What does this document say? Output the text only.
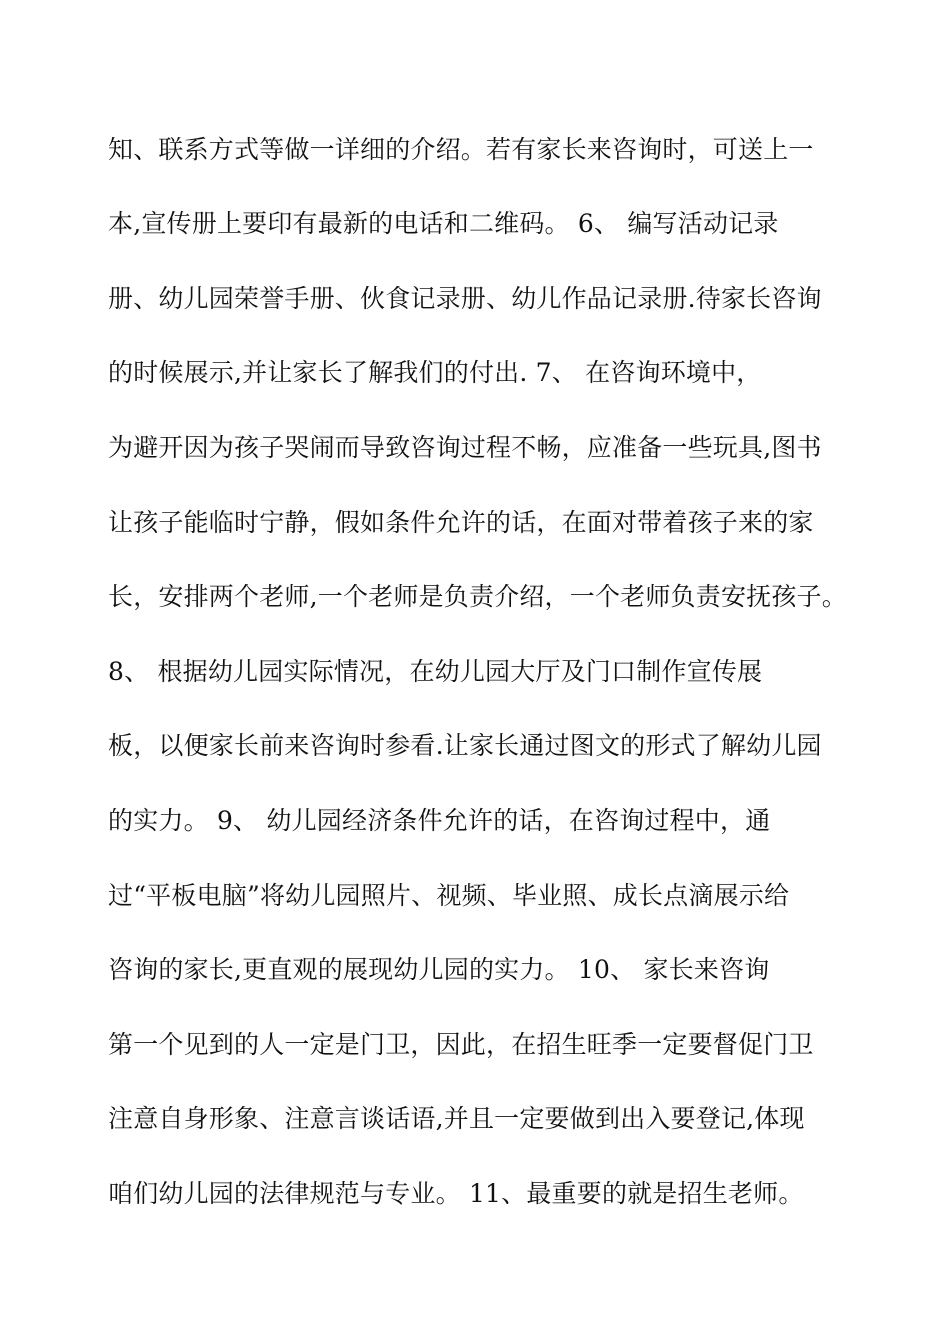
知、联系方式等做一详细的介绍。若有家长来咨询时，可送上一

本,宣传册上要印有最新的电话和二维码。 6、 编写活动记录

册、幼儿园荣誉手册、伙食记录册、幼儿作品记录册.待家长咨询

的时候展示,并让家长了解我们的付出. 7、 在咨询环境中，

为避开因为孩子哭闹而导致咨询过程不畅，应准备一些玩具,图书

让孩子能临时宁静，假如条件允许的话，在面对带着孩子来的家

长，安排两个老师,一个老师是负责介绍，一个老师负责安抚孩子。

8、 根据幼儿园实际情况，在幼儿园大厅及门口制作宣传展

板，以便家长前来咨询时参看.让家长通过图文的形式了解幼儿园

的实力。 9、 幼儿园经济条件允许的话，在咨询过程中，通

过“平板电脑”将幼儿园照片、视频、毕业照、成长点滴展示给

咨询的家长,更直观的展现幼儿园的实力。 10、 家长来咨询

第一个见到的人一定是门卫，因此，在招生旺季一定要督促门卫

注意自身形象、注意言谈话语,并且一定要做到出入要登记,体现

咱们幼儿园的法律规范与专业。 11、最重要的就是招生老师。
